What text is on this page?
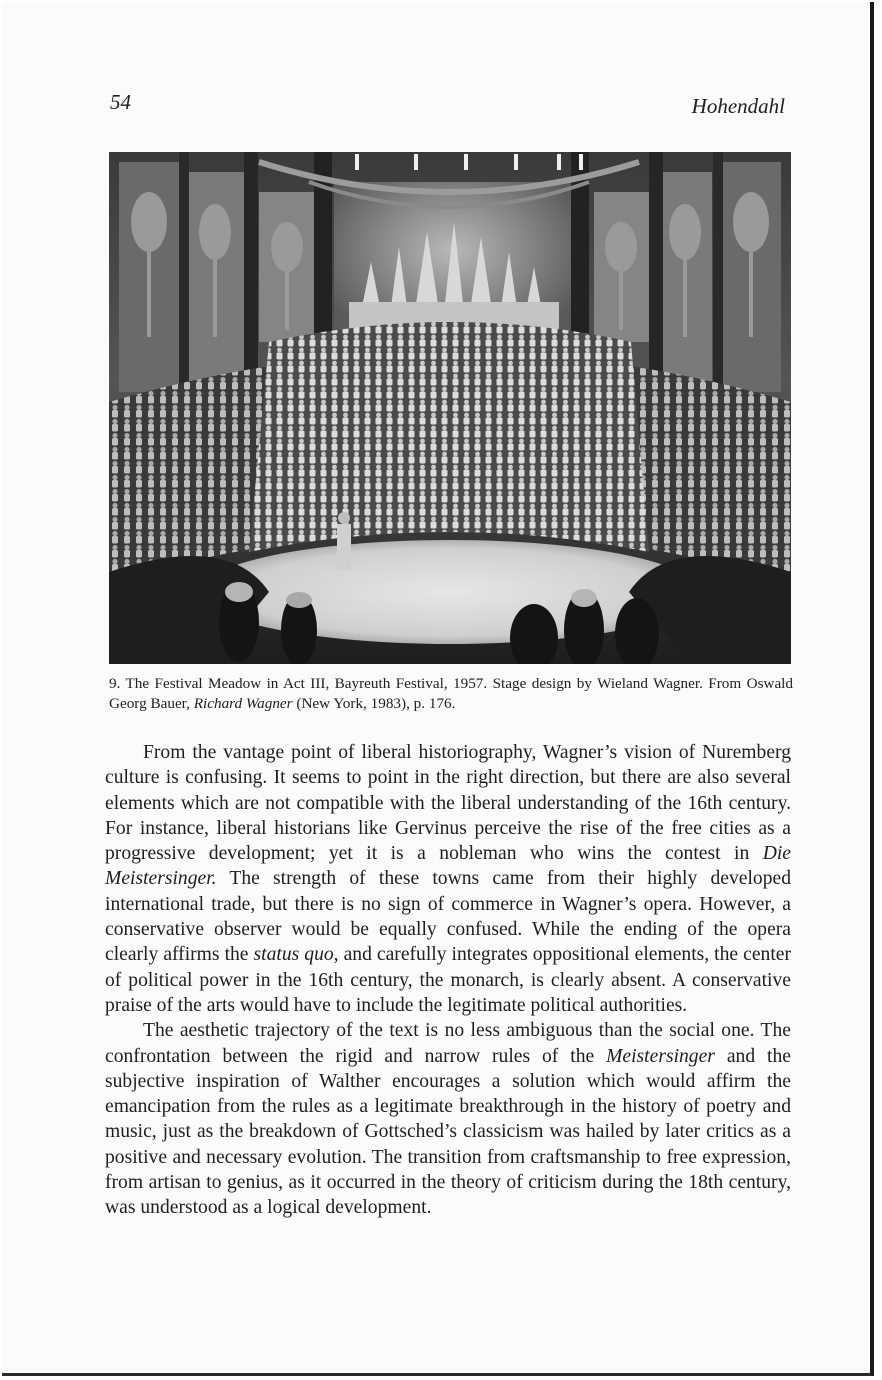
54	Hohendahl
9. The Festival Meadow in Act III, Bayreuth Festival, 1957. Stage design by Wieland Wagner. From Oswald Georg Bauer, Richard Wagner (New York, 1983), p. 176.

From the vantage point of liberal historiography, Wagner’s vision of Nuremberg culture is confusing. It seems to point in the right direction, but there are also several elements which are not compatible with the liberal understanding of the 16th century. For instance, liberal historians like Gervinus perceive the rise of the free cities as a progressive development; yet it is a nobleman who wins the contest in Die Meistersinger. The strength of these towns came from their highly developed international trade, but there is no sign of commerce in Wagner’s opera. However, a conservative observer would be equally confused. While the ending of the opera clearly affirms the status quo, and carefully integrates oppositional elements, the center of political power in the 16th century, the monarch, is clearly absent. A conservative praise of the arts would have to include the legitimate political authorities.

The aesthetic trajectory of the text is no less ambiguous than the social one. The confrontation between the rigid and narrow rules of the Meistersinger and the subjective inspiration of Walther encourages a solution which would affirm the emancipation from the rules as a legitimate breakthrough in the history of poetry and music, just as the breakdown of Gottsched’s classicism was hailed by later critics as a positive and necessary evolution. The transition from craftsmanship to free expression, from artisan to genius, as it occurred in the theory of criticism during the 18th century, was understood as a logical development.
